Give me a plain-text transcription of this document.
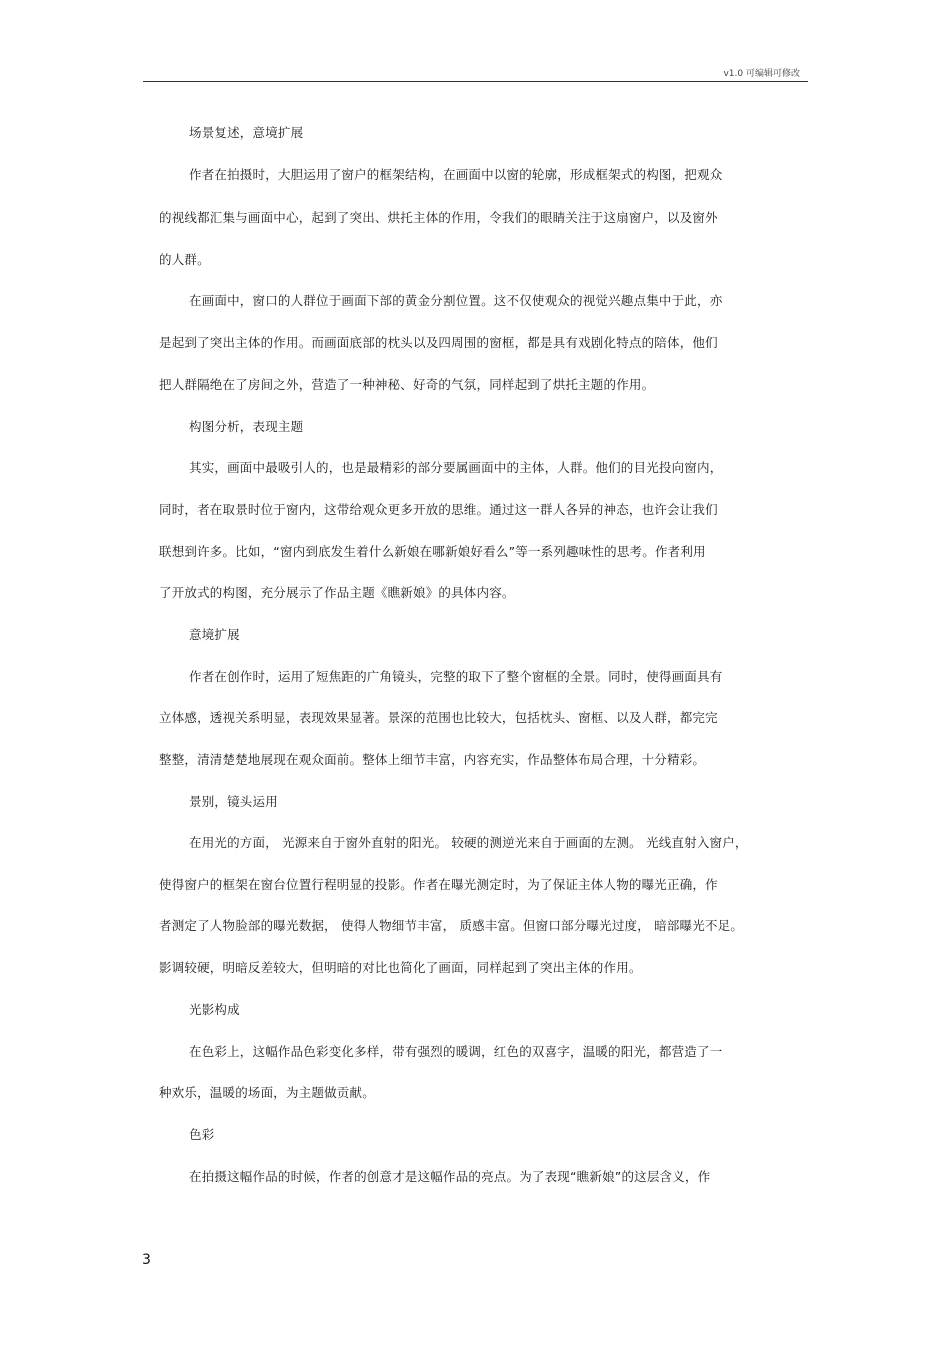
v1.0 可编辑可修改
场景复述，意境扩展
作者在拍摄时，大胆运用了窗户的框架结构，在画面中以窗的轮廓，形成框架式的构图，把观众
的视线都汇集与画面中心，起到了突出、烘托主体的作用，令我们的眼睛关注于这扇窗户，以及窗外
的人群。
在画面中，窗口的人群位于画面下部的黄金分割位置。这不仅使观众的视觉兴趣点集中于此，亦
是起到了突出主体的作用。而画面底部的枕头以及四周围的窗框，都是具有戏剧化特点的陪体，他们
把人群隔绝在了房间之外，营造了一种神秘、好奇的气氛，同样起到了烘托主题的作用。
构图分析，表现主题
其实，画面中最吸引人的，也是最精彩的部分要属画面中的主体，人群。他们的目光投向窗内，
同时，者在取景时位于窗内，这带给观众更多开放的思维。通过这一群人各异的神态，也许会让我们
联想到许多。比如，“窗内到底发生着什么新娘在哪新娘好看么”等一系列趣味性的思考。作者利用
了开放式的构图，充分展示了作品主题《瞧新娘》的具体内容。
意境扩展
作者在创作时，运用了短焦距的广角镜头，完整的取下了整个窗框的全景。同时，使得画面具有
立体感，透视关系明显，表现效果显著。景深的范围也比较大，包括枕头、窗框、以及人群，都完完
整整，清清楚楚地展现在观众面前。整体上细节丰富，内容充实，作品整体布局合理，十分精彩。
景别，镜头运用
在用光的方面， 光源来自于窗外直射的阳光。 较硬的测逆光来自于画面的左测。 光线直射入窗户，
使得窗户的框架在窗台位置行程明显的投影。作者在曝光测定时，为了保证主体人物的曝光正确，作
者测定了人物脸部的曝光数据， 使得人物细节丰富， 质感丰富。但窗口部分曝光过度， 暗部曝光不足。
影调较硬，明暗反差较大，但明暗的对比也简化了画面，同样起到了突出主体的作用。
光影构成
在色彩上，这幅作品色彩变化多样，带有强烈的暖调，红色的双喜字，温暖的阳光，都营造了一
种欢乐，温暖的场面，为主题做贡献。
色彩
在拍摄这幅作品的时候，作者的创意才是这幅作品的亮点。为了表现“瞧新娘”的这层含义，作
3
